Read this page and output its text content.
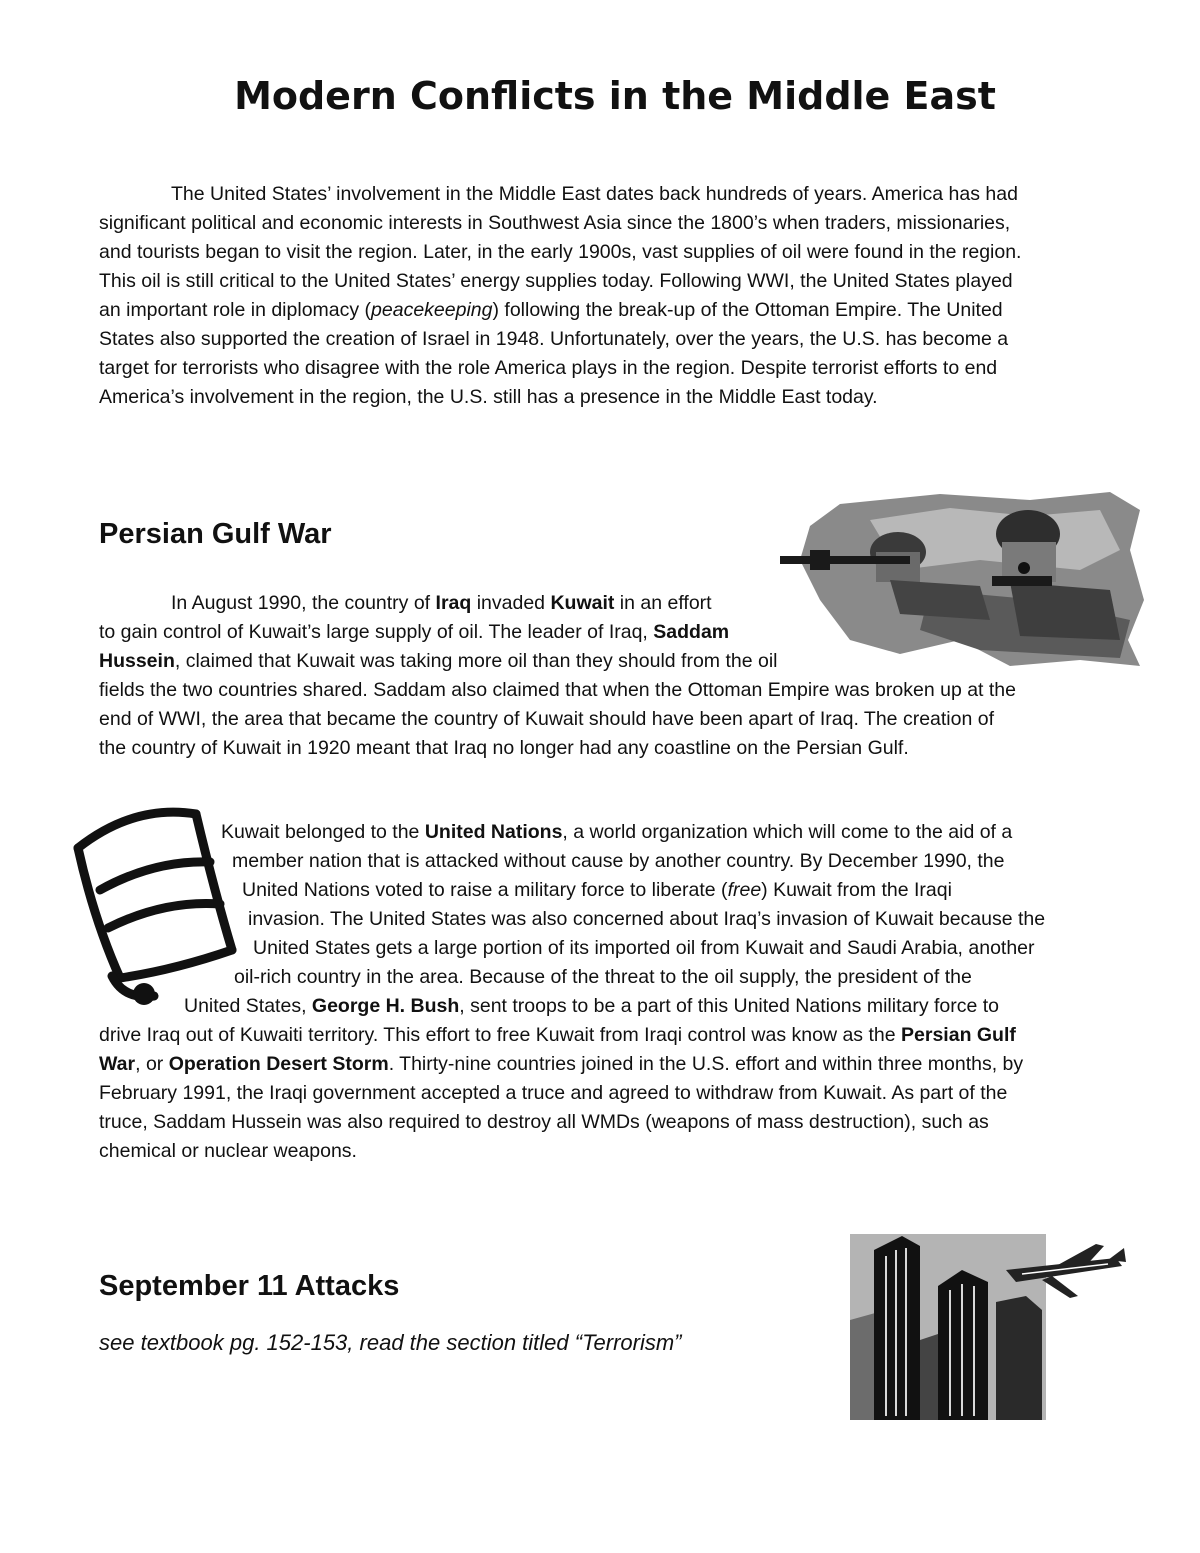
Modern Conflicts in the Middle East

The United States’ involvement in the Middle East dates back hundreds of years. America has had
significant political and economic interests in Southwest Asia since the 1800’s when traders, missionaries,
and tourists began to visit the region. Later, in the early 1900s, vast supplies of oil were found in the region.
This oil is still critical to the United States’ energy supplies today. Following WWI, the United States played
an important role in diplomacy (peacekeeping) following the break-up of the Ottoman Empire. The United
States also supported the creation of Israel in 1948. Unfortunately, over the years, the U.S. has become a
target for terrorists who disagree with the role America plays in the region. Despite terrorist efforts to end
America’s involvement in the region, the U.S. still has a presence in the Middle East today.

Persian Gulf War

In August 1990, the country of Iraq invaded Kuwait in an effort
to gain control of Kuwait’s large supply of oil. The leader of Iraq, Saddam
Hussein, claimed that Kuwait was taking more oil than they should from the oil
fields the two countries shared. Saddam also claimed that when the Ottoman Empire was broken up at the
end of WWI, the area that became the country of Kuwait should have been apart of Iraq. The creation of
the country of Kuwait in 1920 meant that Iraq no longer had any coastline on the Persian Gulf.

Kuwait belonged to the United Nations, a world organization which will come to the aid of a
member nation that is attacked without cause by another country. By December 1990, the
United Nations voted to raise a military force to liberate (free) Kuwait from the Iraqi
invasion. The United States was also concerned about Iraq’s invasion of Kuwait because the
United States gets a large portion of its imported oil from Kuwait and Saudi Arabia, another
oil-rich country in the area. Because of the threat to the oil supply, the president of the
United States, George H. Bush, sent troops to be a part of this United Nations military force to
drive Iraq out of Kuwaiti territory. This effort to free Kuwait from Iraqi control was know as the Persian Gulf
War, or Operation Desert Storm. Thirty-nine countries joined in the U.S. effort and within three months, by
February 1991, the Iraqi government accepted a truce and agreed to withdraw from Kuwait. As part of the
truce, Saddam Hussein was also required to destroy all WMDs (weapons of mass destruction), such as
chemical or nuclear weapons.

September 11 Attacks

see textbook pg. 152-153, read the section titled “Terrorism”
